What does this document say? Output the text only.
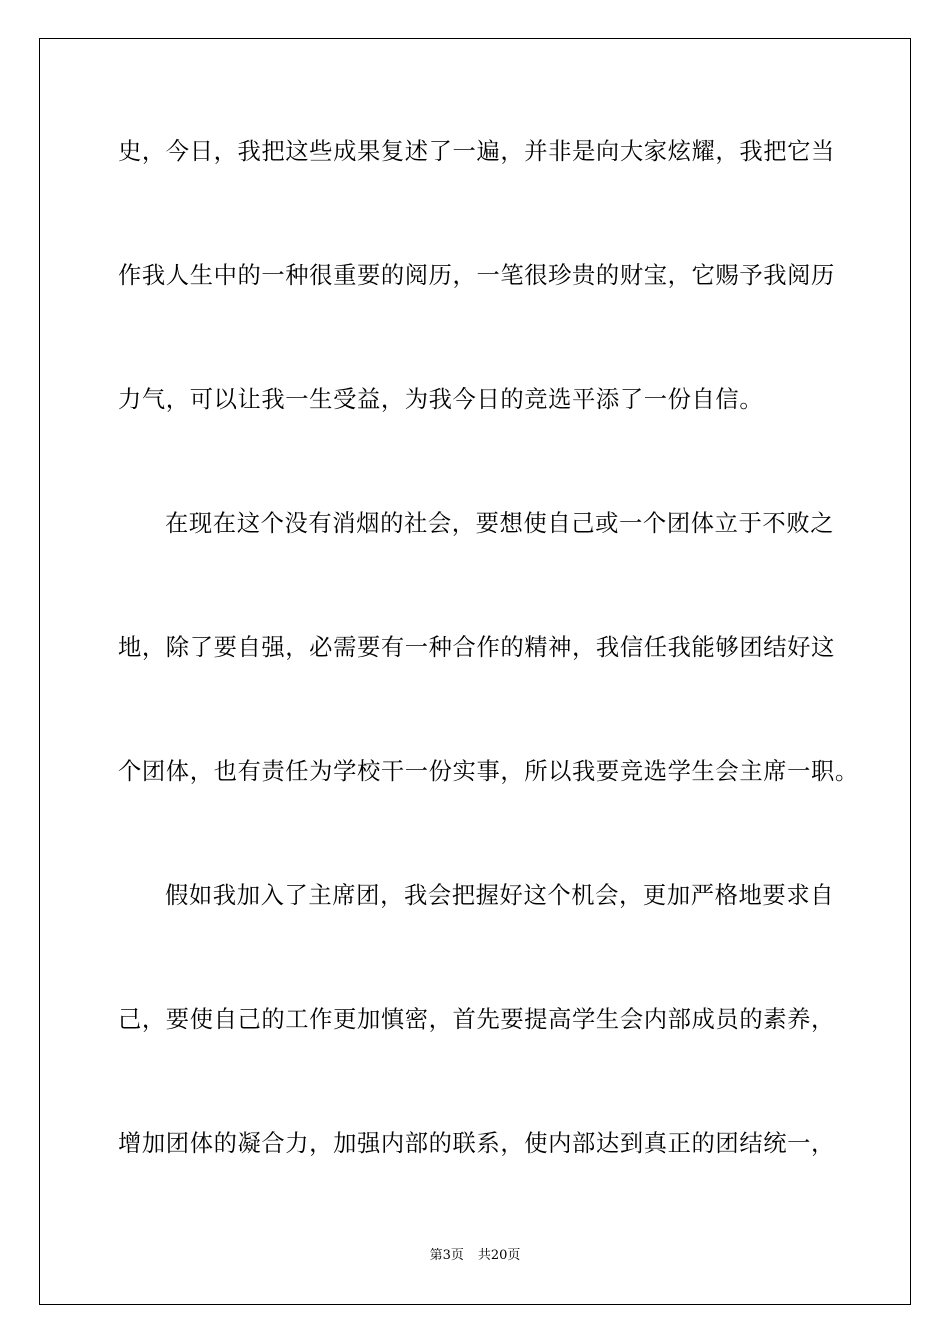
史，今日，我把这些成果复述了一遍，并非是向大家炫耀，我把它当
作我人生中的一种很重要的阅历，一笔很珍贵的财宝，它赐予我阅历
力气，可以让我一生受益，为我今日的竞选平添了一份自信。
在现在这个没有消烟的社会，要想使自己或一个团体立于不败之
地，除了要自强，必需要有一种合作的精神，我信任我能够团结好这
个团体，也有责任为学校干一份实事，所以我要竞选学生会主席一职。
假如我加入了主席团，我会把握好这个机会，更加严格地要求自
己，要使自己的工作更加慎密，首先要提高学生会内部成员的素养，
增加团体的凝合力，加强内部的联系，使内部达到真正的团结统一，
第3页 共20页
